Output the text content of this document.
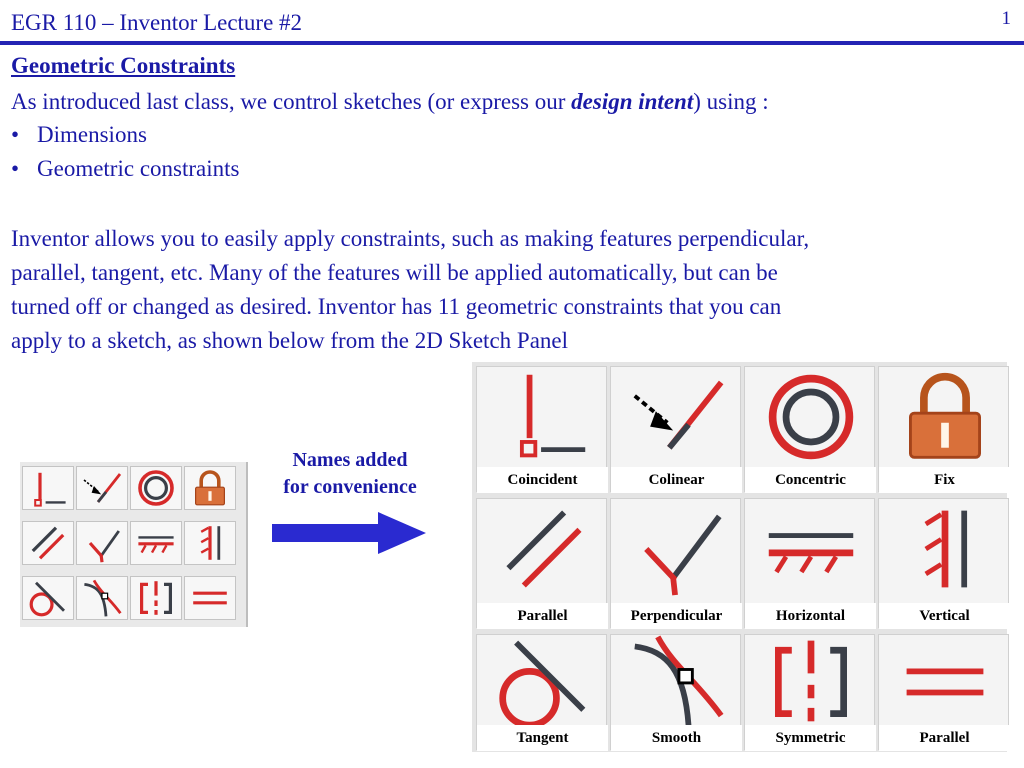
EGR 110 – Inventor Lecture #2	1
Geometric Constraints
As introduced last class, we control sketches (or express our design intent) using :
• Dimensions
• Geometric constraints
Inventor allows you to easily apply constraints, such as making features perpendicular,
parallel, tangent, etc. Many of the features will be applied automatically, but can be
turned off or changed as desired. Inventor has 11 geometric constraints that you can
apply to a sketch, as shown below from the 2D Sketch Panel
Names added
for convenience	Coincident	Colinear	Concentric	Fix
Parallel	Perpendicular	Horizontal	Vertical
Tangent	Smooth	Symmetric	Parallel
